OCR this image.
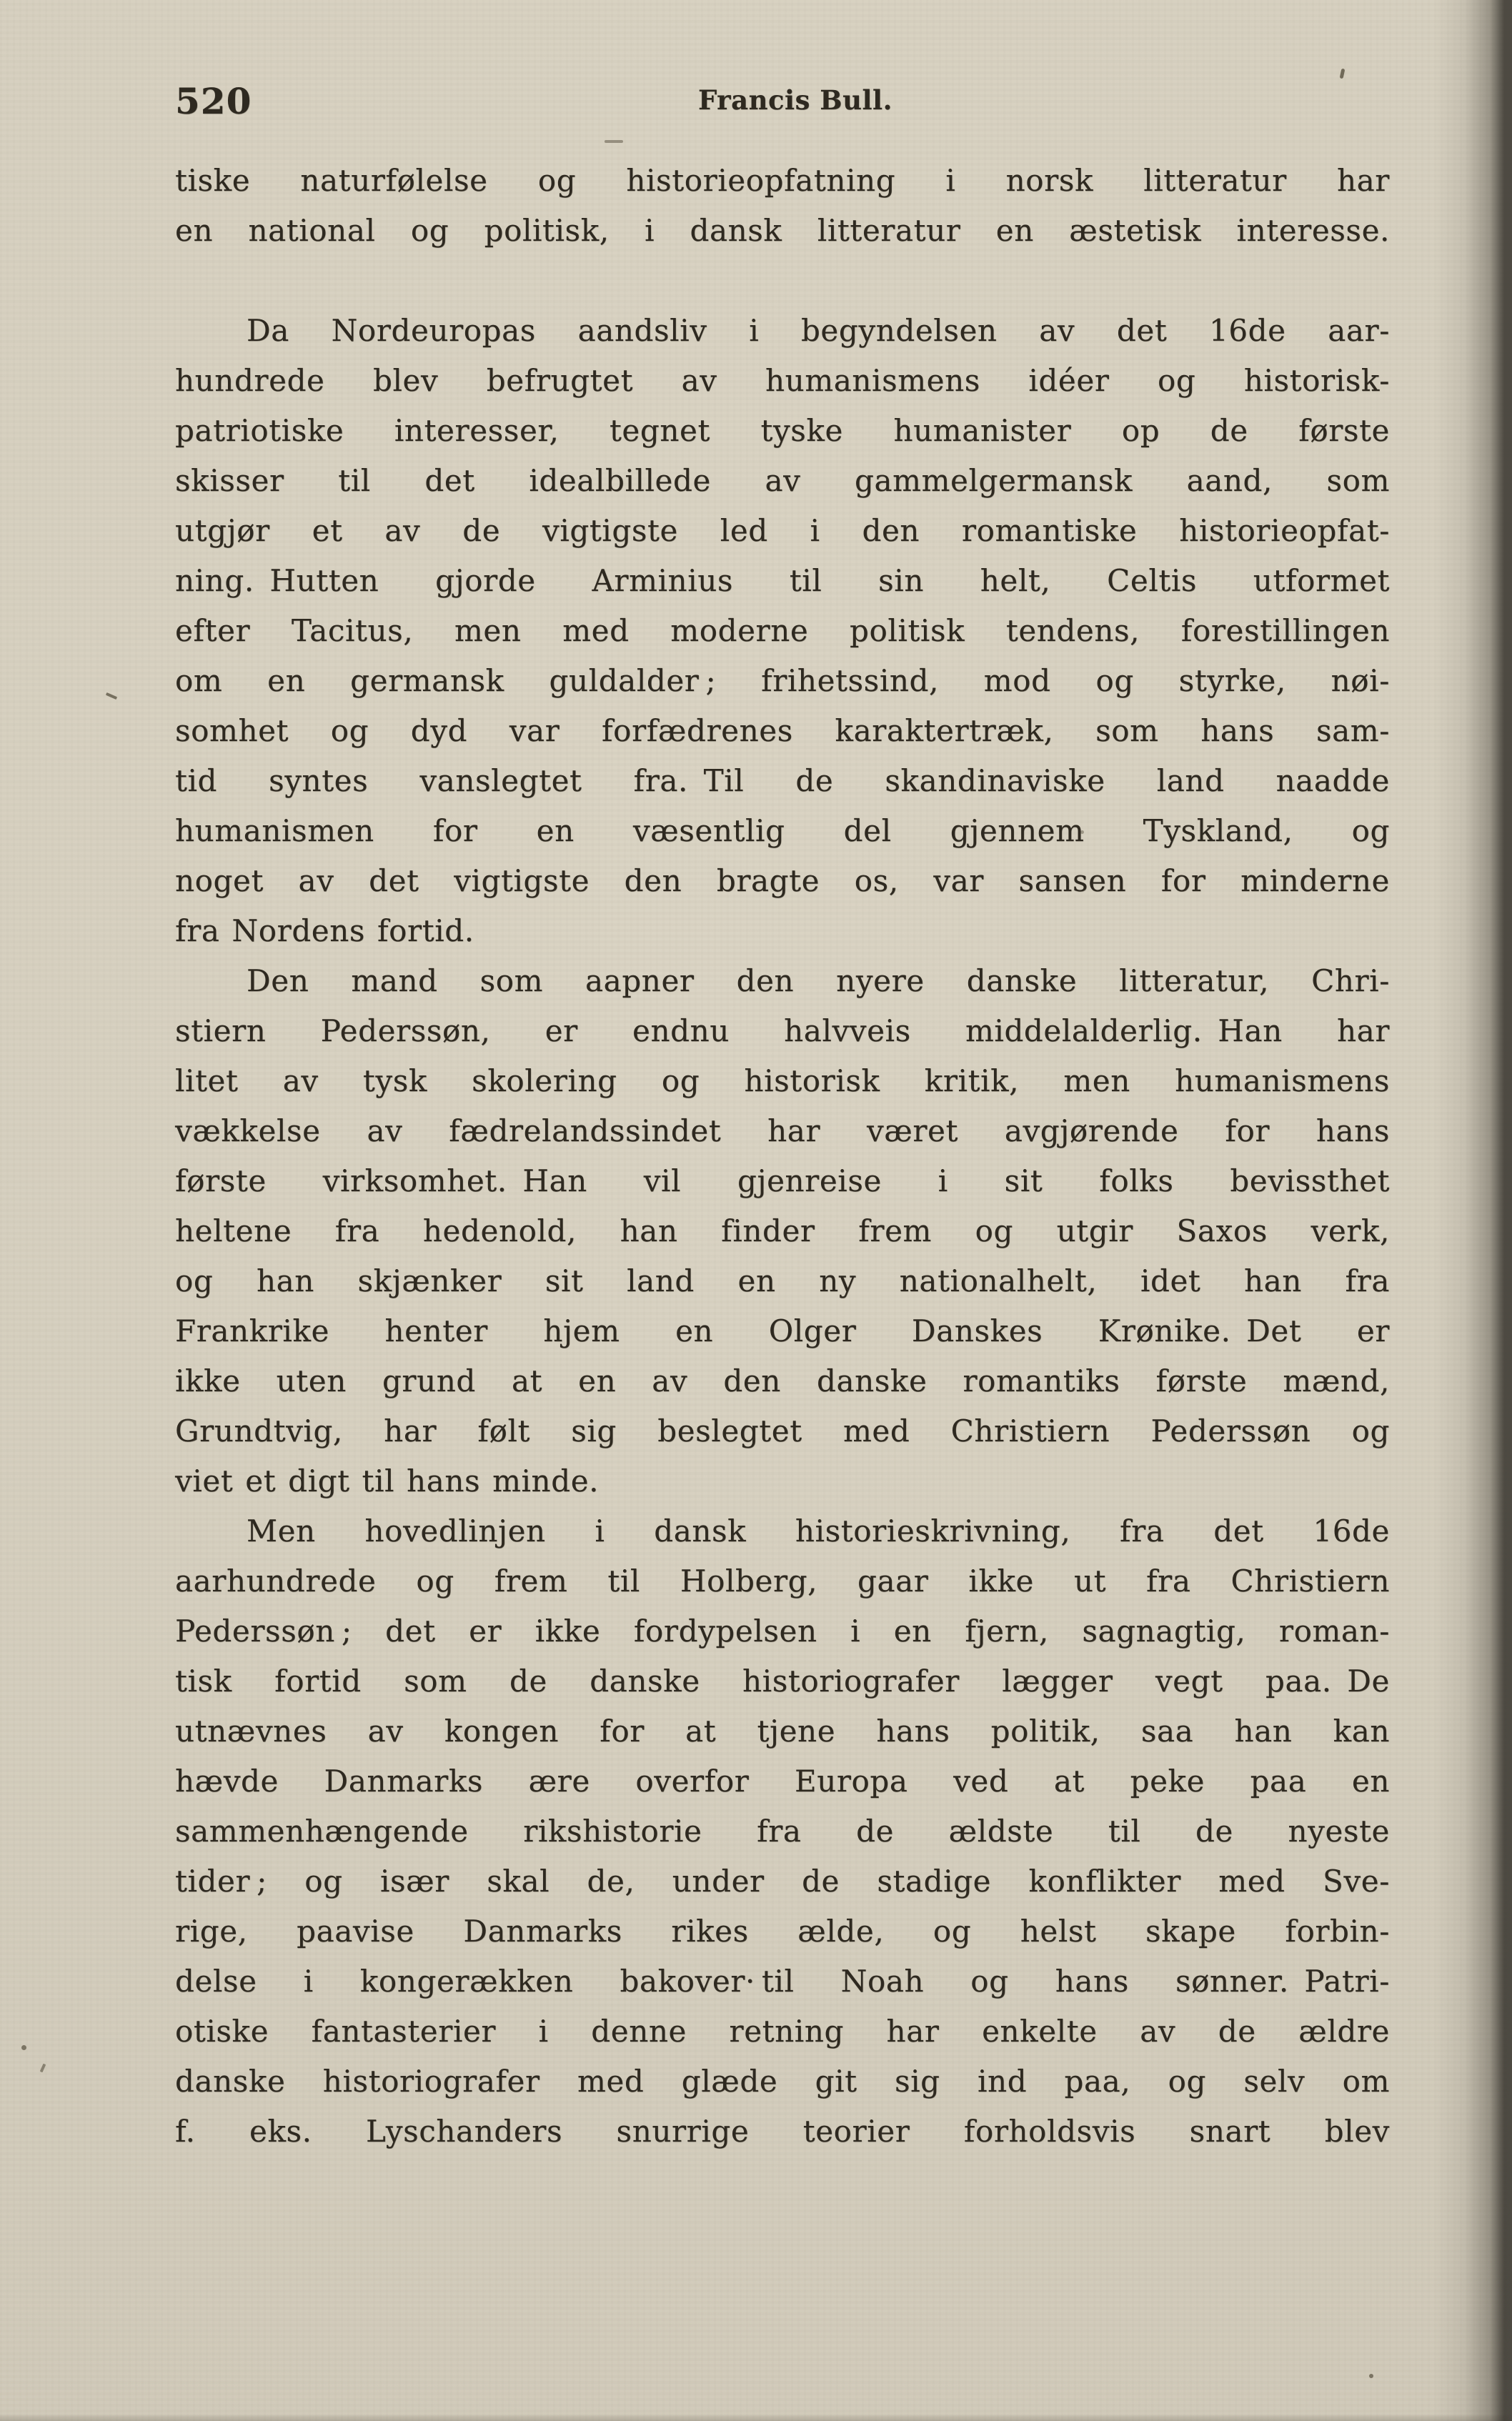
520	Francis Bull.
tiske naturfølelse og historieopfatning i norsk litteratur har
en national og politisk, i dansk litteratur en æstetisk interesse.
Da Nordeuropas aandsliv i begyndelsen av det 16de aar-
hundrede blev befrugtet av humanismens idéer og historisk-
patriotiske interesser, tegnet tyske humanister op de første
skisser til det idealbillede av gammelgermansk aand, som
utgjør et av de vigtigste led i den romantiske historieopfat-
ning. Hutten gjorde Arminius til sin helt, Celtis utformet
efter Tacitus, men med moderne politisk tendens, forestillingen
om en germansk guldalder ; frihetssind, mod og styrke, nøi-
somhet og dyd var forfædrenes karaktertræk, som hans sam-
tid syntes vanslegtet fra. Til de skandinaviske land naadde
humanismen for en væsentlig del gjennem Tyskland, og
noget av det vigtigste den bragte os, var sansen for minderne
fra Nordens fortid.
Den mand som aapner den nyere danske litteratur, Chri-
stiern Pederssøn, er endnu halvveis middelalderlig. Han har
litet av tysk skolering og historisk kritik, men humanismens
vækkelse av fædrelandssindet har været avgjørende for hans
første virksomhet. Han vil gjenreise i sit folks bevissthet
heltene fra hedenold, han finder frem og utgir Saxos verk,
og han skjænker sit land en ny nationalhelt, idet han fra
Frankrike henter hjem en Olger Danskes Krønike. Det er
ikke uten grund at en av den danske romantiks første mænd,
Grundtvig, har følt sig beslegtet med Christiern Pederssøn og
viet et digt til hans minde.
Men hovedlinjen i dansk historieskrivning, fra det 16de
aarhundrede og frem til Holberg, gaar ikke ut fra Christiern
Pederssøn ; det er ikke fordypelsen i en fjern, sagnagtig, roman-
tisk fortid som de danske historiografer lægger vegt paa. De
utnævnes av kongen for at tjene hans politik, saa han kan
hævde Danmarks ære overfor Europa ved at peke paa en
sammenhængende rikshistorie fra de ældste til de nyeste
tider ; og især skal de, under de stadige konflikter med Sve-
rige, paavise Danmarks rikes ælde, og helst skape forbin-
delse i kongerækken bakover· til Noah og hans sønner. Patri-
otiske fantasterier i denne retning har enkelte av de ældre
danske historiografer med glæde git sig ind paa, og selv om
f. eks. Lyschanders snurrige teorier forholdsvis snart blev
